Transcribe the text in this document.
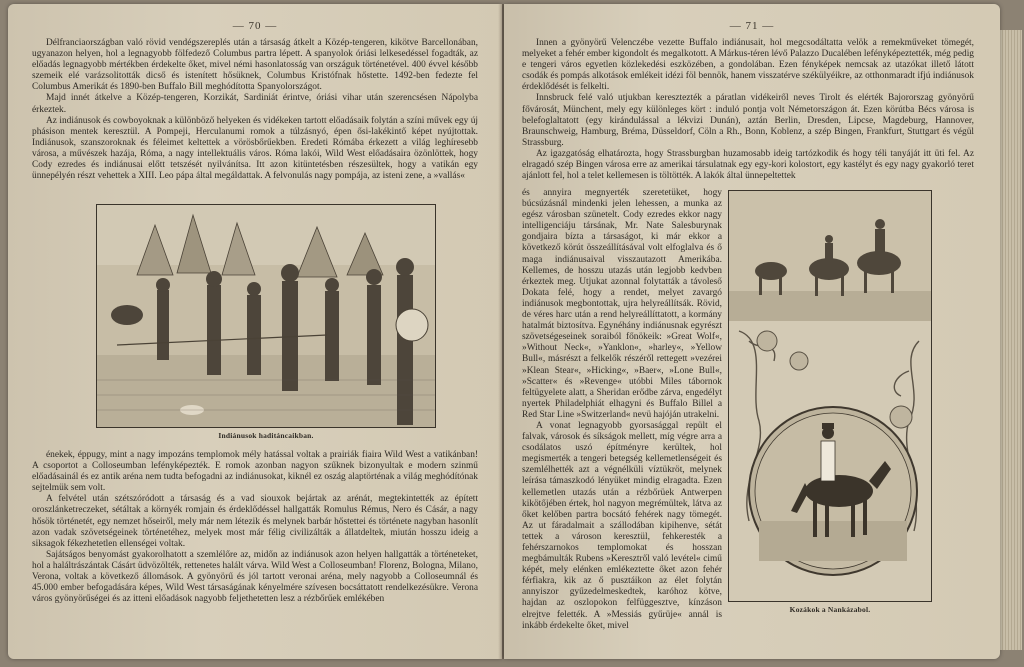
— 70 —

Délfranciaországban való rövid vendégszereplés után a társaság átkelt a Közép-tengeren, kikötve Barcellonában, ugyanazon helyen, hol a legnagyobb fölfedező Columbus partra lépett. A spanyolok óriási lelkesedéssel fogadták, az előadás legnagyobb mértékben érdekelte őket, mivel némi hasonlatosság van országuk történetével. 400 évvel később szemeik elé varázsolitották dicső és istenített hősüknek, Columbus Kristófnak hőstette. 1492-ben fedezte fel Columbus Amerikát és 1890-ben Buffalo Bill meghódította Spanyolországot.

Majd innét átkelve a Közép-tengeren, Korzikát, Sardiniát érintve, óriási vihar után szerencsésen Nápolyba érkeztek.

Az indiánusok és cowboyoknak a különböző helyeken és vidékeken tartott előadásaik folytán a színi művek egy új phásison mentek keresztül. A Pompeji, Herculanumi romok a túlzásnyó, épen ősi-lakékintő képet nyújtottak. Indiánusok, szanszoroknak és féleimet keltettek a vörösbőrűekben. Eredeti Rómába érkezett a világ leghíresebb városa, a művészek hazája, Róma, a nagy intellektuális város. Róma lakói, Wild West előadásaira özönlöttek, hogy Cody ezredes és indiánusai előtt tetszését nyilvánítsa. Itt azon kitüntetésben részesültek, hogy a vatikán egy ünnepélyén részt vehettek a XIII. Leo pápa által megáldattak. A felvonulás nagy pompája, az isteni zene, a »vallás«

Indiánusok haditáncaikban.

énekek, éppugy, mint a nagy impozáns templomok mély hatással voltak a prairiák fiaira Wild West a vatikánban! A csoportot a Colloseumban lefényképezték. E romok azonban nagyon szűknek bizonyultak e modern szinmű előadásainál és ez antik aréna nem tudta befogadni az indiánusokat, kiknél ez oszág alaptörténak a világ meghódítónak sejtelmük sem volt.

A felvétel után szétszóródott a társaság és a vad siouxok bejártak az arénát, megtekintették az épített oroszlánketreczeket, sétáltak a környék romjain és érdeklődéssel hallgatták Romulus Rémus, Nero és Cásár, a nagy hősök történetét, egy nemzet hőseiről, mely már nem létezik és melynek barbár hőstettei és története nagyban hasonlít azon vadak szövetségeinek történetéhez, melyek most már félig civilizálták a állatdeltek, miután hosszu ideig a siksagok fékezhetetlen ellenségei voltak.

Sajátságos benyomást gyakorolhatott a szemlélőre az, midőn az indiánusok azon helyen hallgatták a történeteket, hol a haláltrászántak Cásárt üdvözölték, rettenetes halált várva. Wild West a Colloseumban! Florenz, Bologna, Milano, Verona, voltak a következő állomások. A gyönyörű és jól tartott veronai aréna, mely nagyobb a Colloseumnál és 45.000 ember befogadására képes, Wild West társaságának kényelmére szívesen bocsáttatott rendelkezésükre. Verona város gyönyörűségei és az itteni előadások nagyobb feljethetetten lesz a rézbőrűek emlékében

— 71 —

Innen a gyönyörű Velenczébe vezette Buffalo indiánusait, hol megcsodáltatta velök a remekműveket tömegét, melyeket a fehér ember kigondolt és megalkotott. A Márkus-téren lévő Palazzo Ducalében lefényképeztették, még pedig e tengeri város egyetlen közlekedési eszközében, a gondolában. Ezen fényképek nemcsak az utazókat illető látott csodák és pompás alkotások emlékeit idézi föl bennök, hanem visszatérve székülyéikre, az otthonmaradt ifjú indiánusok érdeklődését is felkelti.

Innsbruck felé való utjukban keresztezték a páratlan vidékeiről neves Tirolt és elérték Bajororszag gyönyörű fővárosát, Münchent, mely egy különleges kört : induló pontja volt Németországon át. Ezen körútba Bécs városa is belefoglaltatott (egy kirándulással a lékvizi Dunán), aztán Berlin, Dresden, Lipcse, Magdeburg, Hannover, Braunschweig, Hamburg, Bréma, Düsseldorf, Cöln a Rh., Bonn, Koblenz, a szép Bingen, Frankfurt, Stuttgart és végül Strassburg.

Az igazgatóság elhatározta, hogy Strassburgban huzamosabb ideig tartózkodik és hogy téli tanyáját itt üti fel. Az elragadó szép Bingen városa erre az amerikai társulatnak egy egy-kori kolostort, egy kastélyt és egy nagy gyakorló teret ajánlott fel, hol a telet kellemesen is töltötték. A lakók által ünnepeltettek

és annyira megnyerték szeretetüket, hogy búcsúzásnál mindenki jelen lehessen, a munka az egész városban szünetelt. Cody ezredes ekkor nagy intelligenciáju társának, Mr. Nate Salesburynak gondjaira bízta a társaságot, ki már ekkor a következő körút összeállításával volt elfoglalva és ő maga indiánusaival visszautazott Amerikába. Kellemes, de hosszu utazás után legjobb kedvben érkeztek meg. Utjukat azonnal folytatták a távoleső Dokata felé, hogy a rendet, melyet zavargó indiánusok megbontottak, ujra helyreállítsák. Rövid, de véres harc után a rend helyreállíttatott, a kormány hatalmát biztosítva. Egynéhány indiánusnak egyrészt szövetségeseinek soraiból főnökeik: »Great Wolf«, »Without Neck«, »Yanklon«, »harley«, »Yellow Bull«, másrészt a felkelők részéről rettegett »vezérei »Klean Stear«, »Hicking«, »Baer«, »Lone Bull«, »Scatter« és »Revenge« utóbbi Miles tábornok feltügyelete alatt, a Sheridan erődbe zárva, engedélyt nyertek Philadelphiát elhagyni és Buffalo Billel a Red Star Line »Switzerland« nevü hajóján utrakelni.

A vonat legnagyobb gyorsasággal repült el falvak, városok és síkságok mellett, míg végre arra a csodálatos uszó építményre kerültek, hol megismerték a tengeri betegség kellemetlenségeit és szemlélhették azt a végnélküli víztükröt, melynek leírása támaszkodó lényüket mindig elragadta. Ezen kellemetlen utazás után a rézbőrüek Antwerpen kikötőjében értek, hol nagyon megrémültek, látva az őket kelőben partra bocsátó fehérek nagy tömegét. Az ut fáradalmait a szállodában kipihenve, sétát tettek a városon keresztül, fehkeresték a fehérszarnokos templomokat és hosszan megbámulták Rubens »Keresztről való levétel« cimű képét, mely elénken emlékeztette őket azon fehér férfiakra, kik az ő pusztáikon az élet folytán annyiszor gyűzedelmeskedtek, karóhoz kötve, hajdan az oszlopokon felfüggesztve, kínzáson elrejtve felették. A »Messiás gyűrüje« annál is inkább érdekelte őket, mivel

Kozákok a Nankázabol.
